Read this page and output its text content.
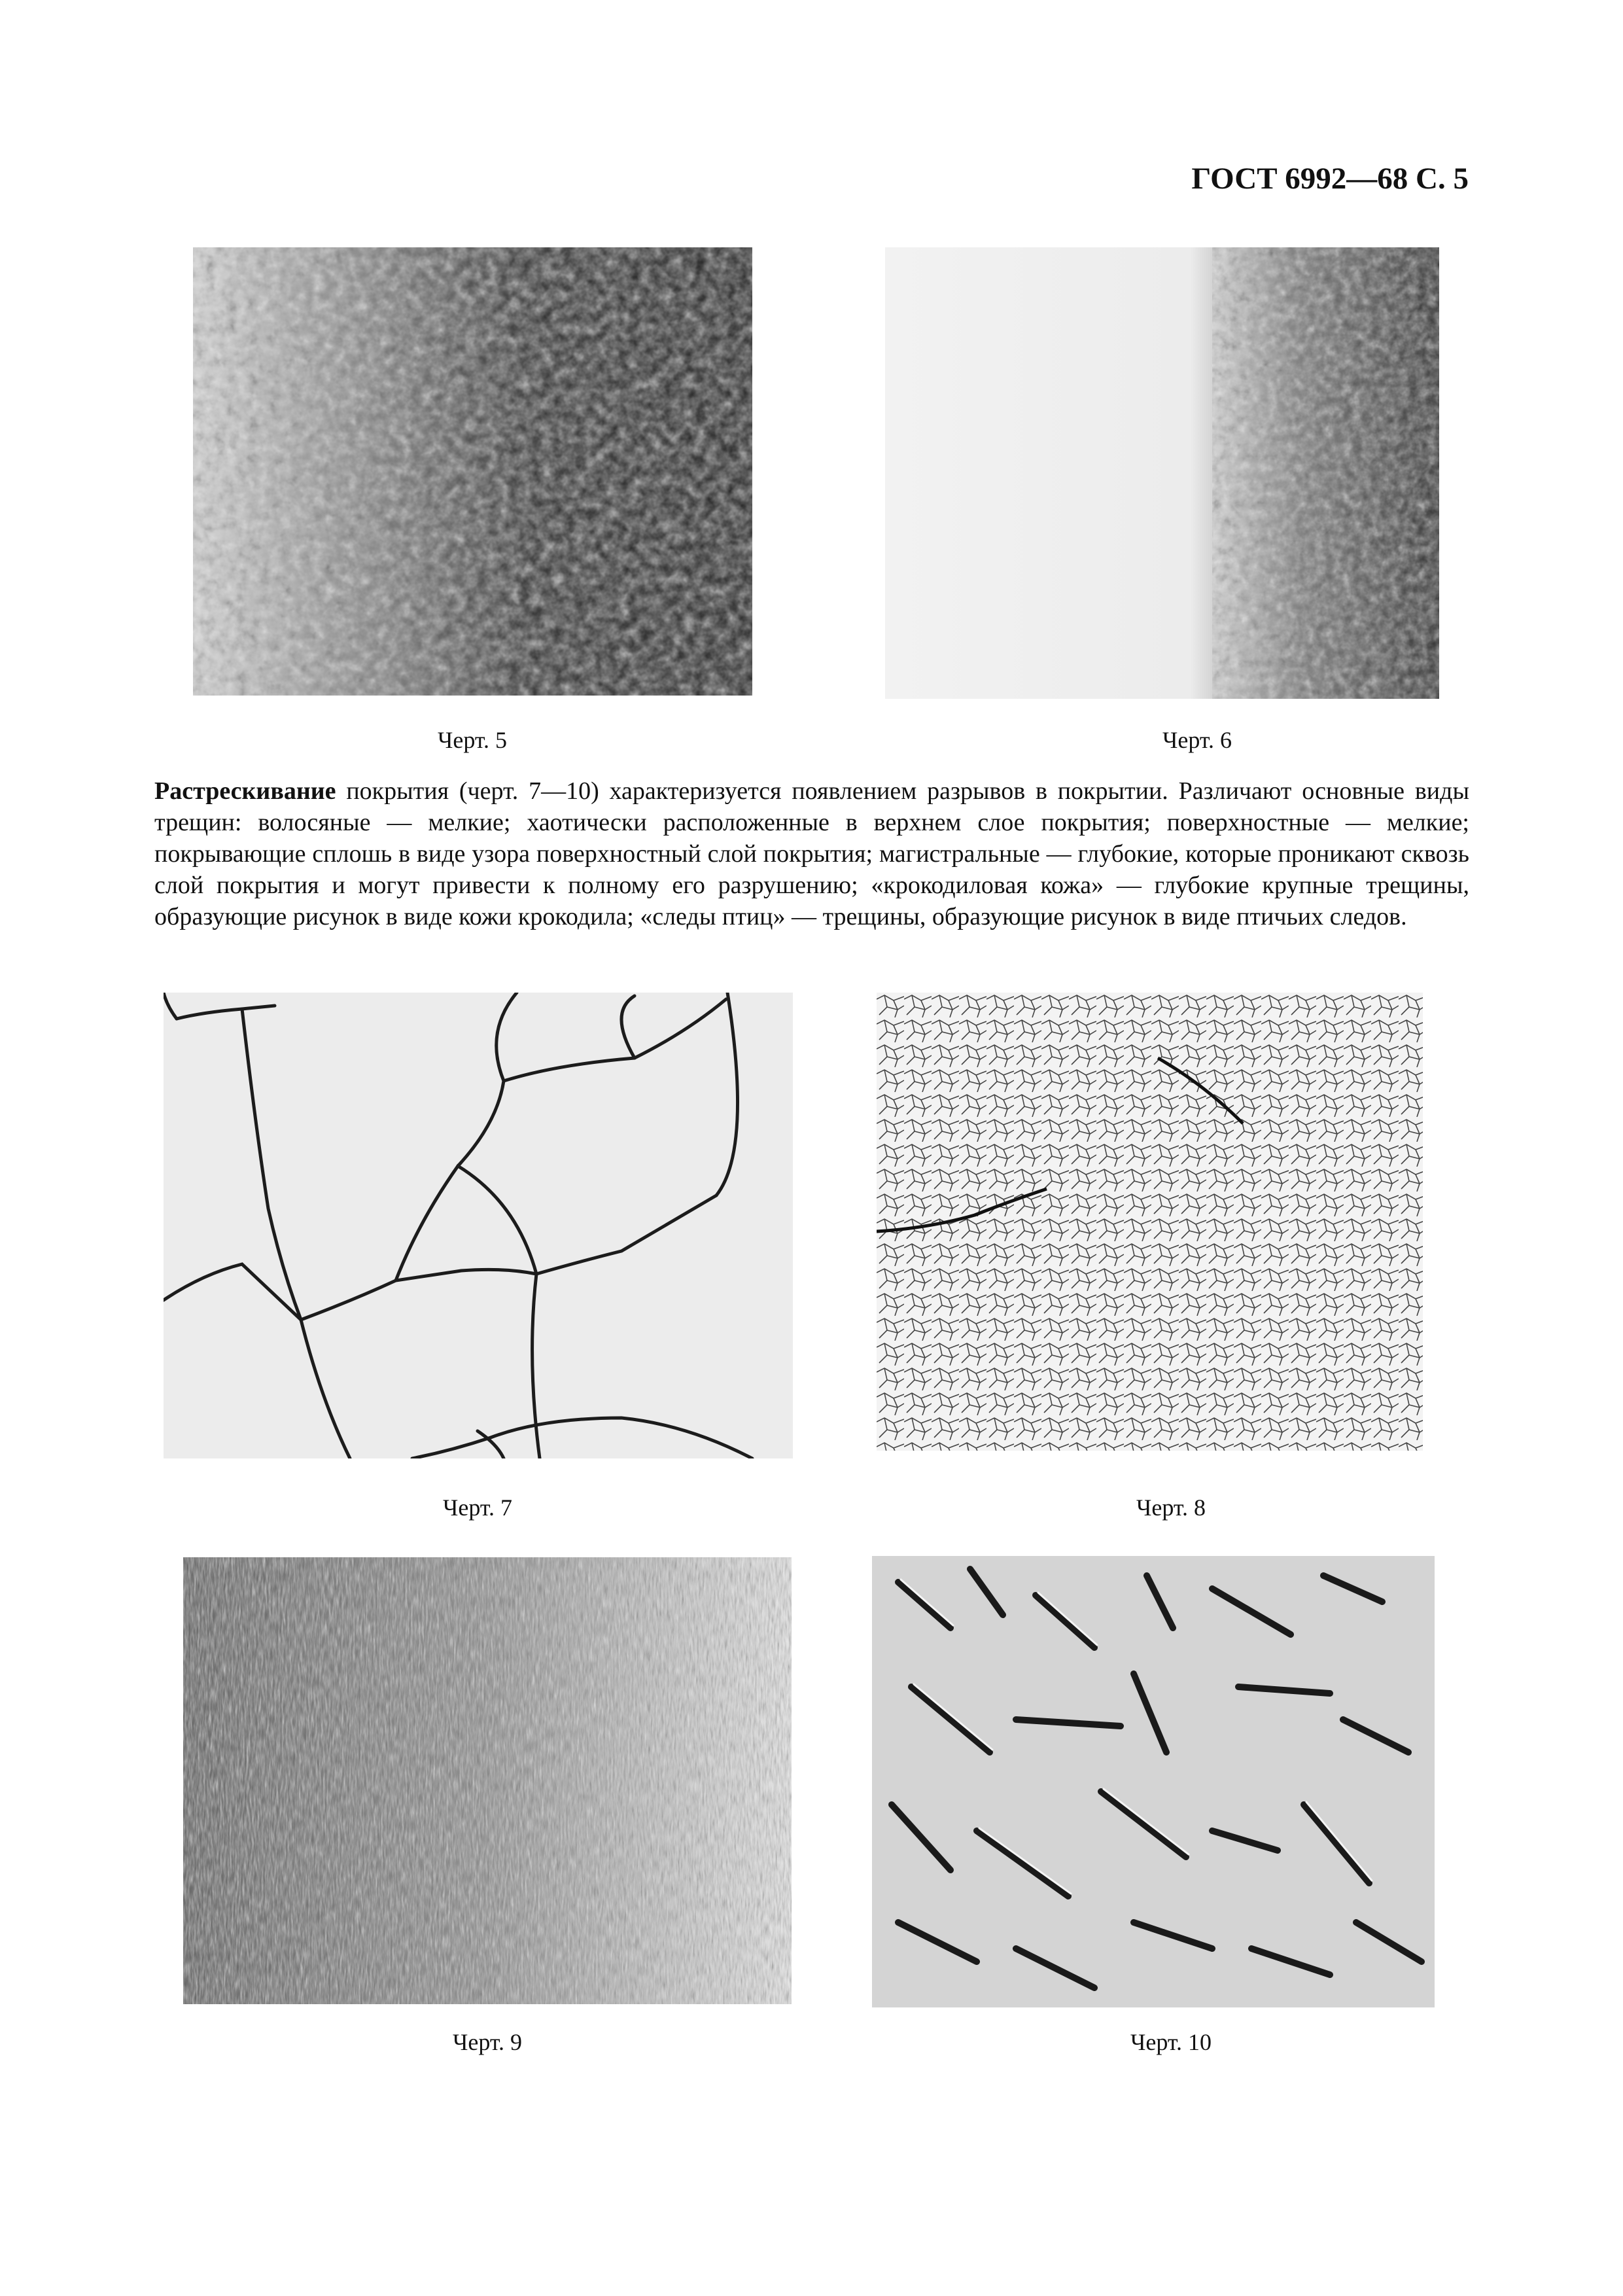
ГОСТ 6992—68 С. 5
Черт. 5	Черт. 6

Растрескивание покрытия (черт. 7—10) характеризуется появлением разрывов в покрытии. Различают основные виды трещин: волосяные — мелкие; хаотически расположенные в верхнем слое покрытия; поверхностные — мелкие; покрывающие сплошь в виде узора поверхностный слой покрытия; магистральные — глубокие, которые проникают сквозь слой покрытия и могут привести к полному его разрушению; «крокодиловая кожа» — глубокие крупные трещины, образующие рисунок в виде кожи крокодила; «следы птиц» — трещины, образующие рисунок в виде птичьих следов.

Черт. 7	Черт. 8
Черт. 9	Черт. 10
